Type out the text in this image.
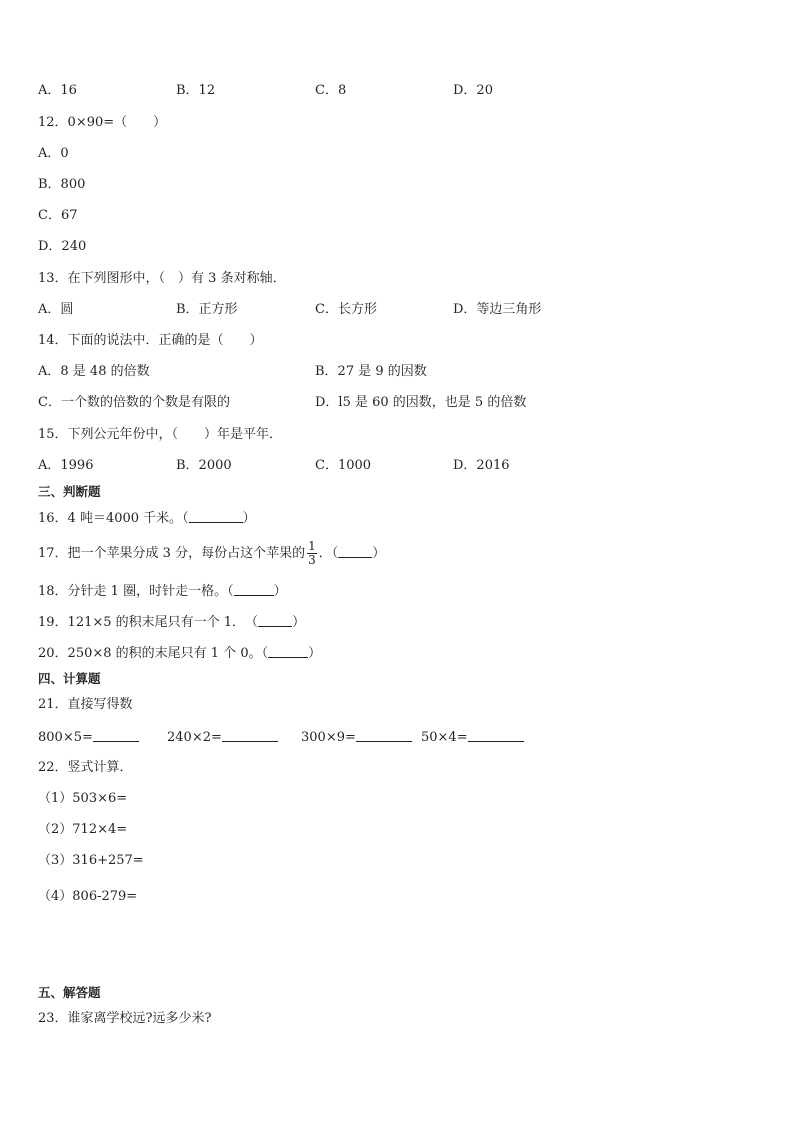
A．16	B．12	C．8	D．20
12．0×90=（　　）
A．0
B．800
C．67
D．240
13．在下列图形中，（　）有 3 条对称轴．
A．圆	B．正方形	C．长方形	D．等边三角形
14．下面的说法中．正确的是（　　）
A．8 是 48 的倍数	B．27 是 9 的因数
C．一个数的倍数的个数是有限的	D．l5 是 60 的因数，也是 5 的倍数
15．下列公元年份中，（　　）年是平年．
A．1996	B．2000	C．1000	D．2016
三、判断题
16．4 吨＝4000 千米。（	）
17．把一个苹果分成 3 分，每份占这个苹果的 $\frac{1}{3}$ ．（	）
18．分针走 1 圈，时针走一格。（	）
19．121×5 的积末尾只有一个 1．　（	）
20．250×8 的积的末尾只有 1 个 0。（	）
四、计算题
21．直接写得数
800×5=	240×2=	300×9=	50×4=
22．竖式计算．
（1）503×6=
（2）712×4=
（3）316+257=
（4）806-279=
五、解答题
23．谁家离学校远?远多少米?
